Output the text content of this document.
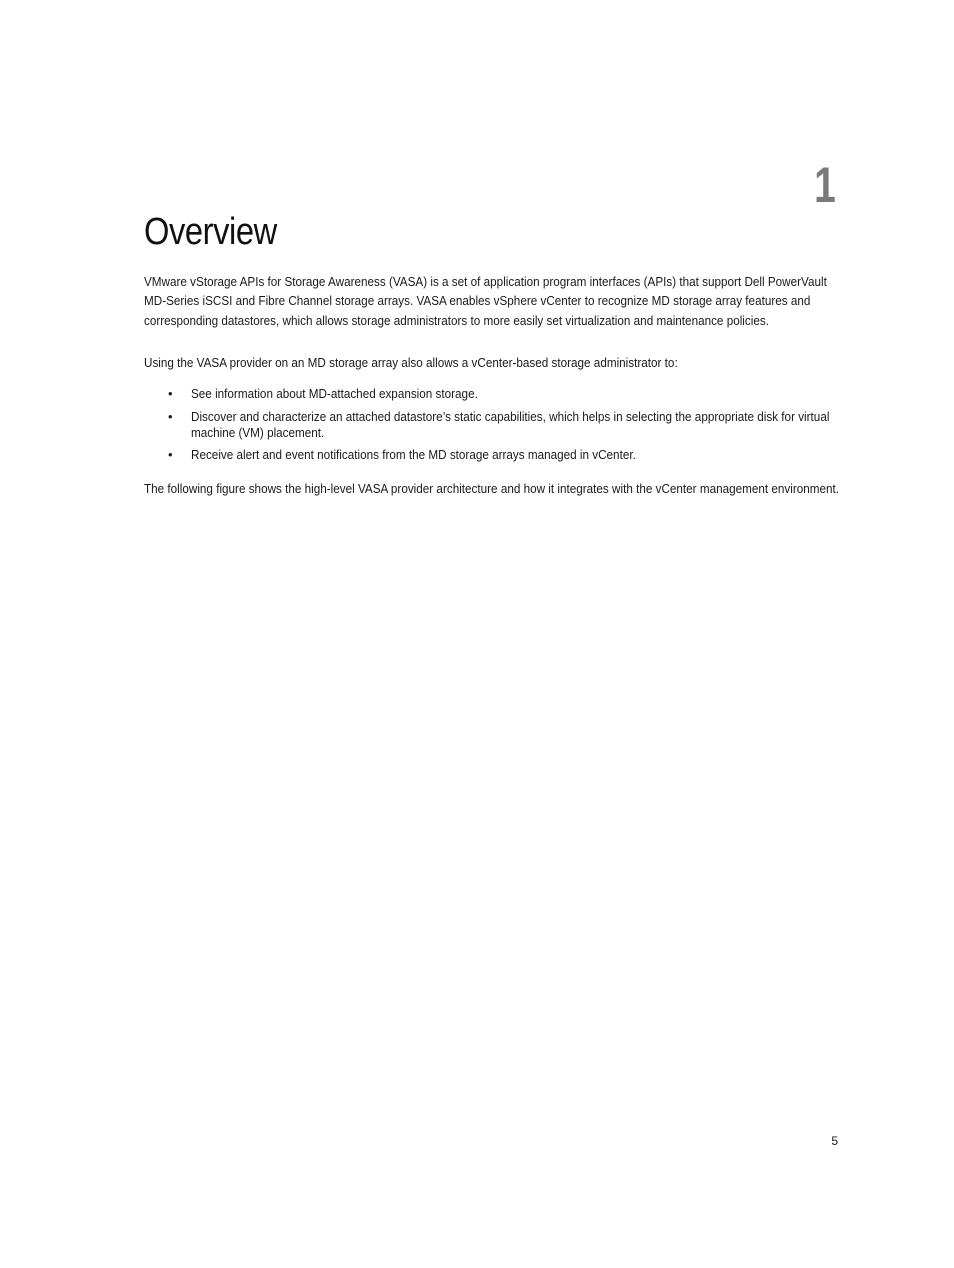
1
Overview
VMware vStorage APIs for Storage Awareness (VASA) is a set of application program interfaces (APIs) that support Dell PowerVault MD-Series iSCSI and Fibre Channel storage arrays. VASA enables vSphere vCenter to recognize MD storage array features and corresponding datastores, which allows storage administrators to more easily set virtualization and maintenance policies.
Using the VASA provider on an MD storage array also allows a vCenter-based storage administrator to:
• See information about MD-attached expansion storage.
• Discover and characterize an attached datastore’s static capabilities, which helps in selecting the appropriate disk for virtual machine (VM) placement.
• Receive alert and event notifications from the MD storage arrays managed in vCenter.
The following figure shows the high-level VASA provider architecture and how it integrates with the vCenter management environment.
5
